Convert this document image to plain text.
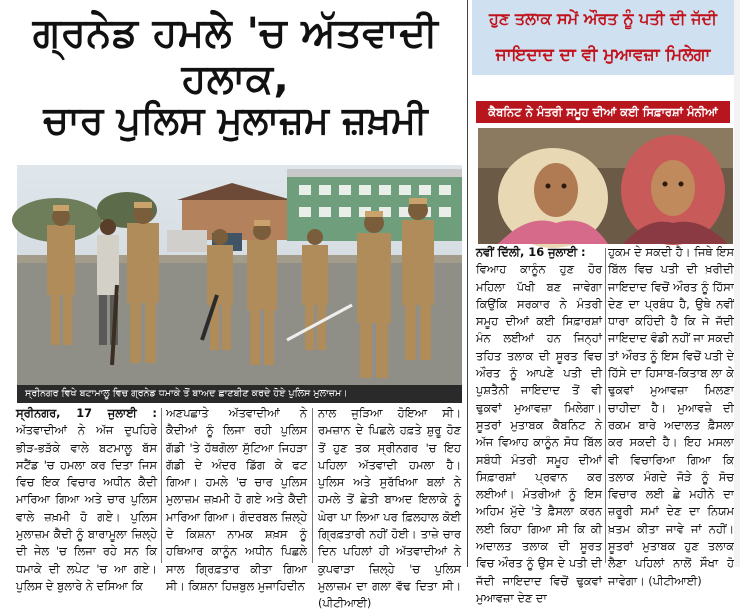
ਗ੍ਰਨੇਡ ਹਮਲੇ 'ਚ ਅੱਤਵਾਦੀ ਹਲਾਕ,
ਚਾਰ ਪੁਲਿਸ ਮੁਲਾਜ਼ਮ ਜ਼ਖ਼ਮੀ
ਸ੍ਰੀਨਗਰ ਵਿਖੇ ਬਟਾਮਾਲੂ ਵਿਚ ਗ੍ਰਨੇਡ ਧਮਾਕੇ ਤੋਂ ਬਾਅਦ ਛਾਣਬੀਣ ਕਰਦੇ ਹੋਏ ਪੁਲਿਸ ਮੁਲਾਜ਼ਮ।
ਸ੍ਰੀਨਗਰ, 17 ਜੁਲਾਈ : ਅੱਤਵਾਦੀਆਂ ਨੇ ਅੱਜ ਦੁਪਹਿਰੇ ਭੀੜ-ਭੜੱਕੇ ਵਾਲੇ ਬਟਮਾਲੂ ਬੱਸ ਸਟੈਂਡ 'ਚ ਹਮਲਾ ਕਰ ਦਿਤਾ ਜਿਸ ਵਿਚ ਇਕ ਵਿਚਾਰ ਅਧੀਨ ਕੈਦੀ ਮਾਰਿਆ ਗਿਆ ਅਤੇ ਚਾਰ ਪੁਲਿਸ ਵਾਲੇ ਜ਼ਖ਼ਮੀ ਹੋ ਗਏ। ਪੁਲਿਸ ਮੁਲਾਜ਼ਮ ਕੈਦੀ ਨੂੰ ਬਾਰਾਮੂਲਾ ਜ਼ਿਲ੍ਹੇ ਦੀ ਜੇਲ 'ਚ ਲਿਜਾ ਰਹੇ ਸਨ ਕਿ ਧਮਾਕੇ ਦੀ ਲਪੇਟ 'ਚ ਆ ਗਏ। ਪੁਲਿਸ ਦੇ ਬੁਲਾਰੇ ਨੇ ਦਸਿਆ ਕਿ
ਅਣਪਛਾਤੇ ਅੱਤਵਾਦੀਆਂ ਨੇ ਕੈਦੀਆਂ ਨੂੰ ਲਿਜਾ ਰਹੀ ਪੁਲਿਸ ਗੱਡੀ 'ਤੇ ਹੱਥਗੋਲਾ ਸੁੱਟਿਆ ਜਿਹੜਾ ਗੱਡੀ ਦੇ ਅੰਦਰ ਡਿੱਗ ਕੇ ਫਟ ਗਿਆ। ਹਮਲੇ 'ਚ ਚਾਰ ਪੁਲਿਸ ਮੁਲਾਜ਼ਮ ਜ਼ਖ਼ਮੀ ਹੋ ਗਏ ਅਤੇ ਕੈਦੀ ਮਾਰਿਆ ਗਿਆ। ਗੰਦਰਬਲ ਜ਼ਿਲ੍ਹੇ ਦੇ ਕਿਸ਼ਨਾ ਨਾਮਕ ਸ਼ਖ਼ਸ ਨੂੰ ਹਥਿਆਰ ਕਾਨੂੰਨ ਅਧੀਨ ਪਿਛਲੇ ਸਾਲ ਗ੍ਰਿਫ਼ਤਾਰ ਕੀਤਾ ਗਿਆ ਸੀ। ਕਿਸ਼ਨਾ ਹਿਜ਼ਬੁਲ ਮੁਜਾਹਿਦੀਨ
ਨਾਲ ਜੁੜਿਆ ਹੋਇਆ ਸੀ। ਰਮਜ਼ਾਨ ਦੇ ਪਿਛਲੇ ਹਫ਼ਤੇ ਸ਼ੁਰੂ ਹੋਣ ਤੋਂ ਹੁਣ ਤਕ ਸ੍ਰੀਨਗਰ 'ਚ ਇਹ ਪਹਿਲਾ ਅੱਤਵਾਦੀ ਹਮਲਾ ਹੈ। ਪੁਲਿਸ ਅਤੇ ਸੁਰੱਖਿਆ ਬਲਾਂ ਨੇ ਹਮਲੇ ਤੋਂ ਛੇਤੀ ਬਾਅਦ ਇਲਾਕੇ ਨੂੰ ਘੇਰਾ ਪਾ ਲਿਆ ਪਰ ਫ਼ਿਲਹਾਲ ਕੋਈ ਗ੍ਰਿਫ਼ਤਾਰੀ ਨਹੀਂ ਹੋਈ। ਤਾਜ਼ੇ ਚਾਰ ਦਿਨ ਪਹਿਲਾਂ ਹੀ ਅੱਤਵਾਦੀਆਂ ਨੇ ਕੁਪਵਾੜਾ ਜ਼ਿਲ੍ਹੇ 'ਚ ਪੁਲਿਸ ਮੁਲਾਜ਼ਮ ਦਾ ਗਲਾ ਵੱਢ ਦਿਤਾ ਸੀ। (ਪੀਟੀਆਈ)
ਹੁਣ ਤਲਾਕ ਸਮੇਂ ਔਰਤ ਨੂੰ ਪਤੀ ਦੀ ਜੱਦੀ
ਜਾਇਦਾਦ ਦਾ ਵੀ ਮੁਆਵਜ਼ਾ ਮਿਲੇਗਾ
ਕੈਬਨਿਟ ਨੇ ਮੰਤਰੀ ਸਮੂਹ ਦੀਆਂ ਕਈ ਸਿਫ਼ਾਰਸ਼ਾਂ ਮੰਨੀਆਂ
ਨਵੀਂ ਦਿੱਲੀ, 16 ਜੁਲਾਈ :
ਵਿਆਹ ਕਾਨੂੰਨ ਹੁਣ ਹੋਰ ਮਹਿਲਾ ਪੱਖੀ ਬਣ ਜਾਵੇਗਾ ਕਿਉਂਕਿ ਸਰਕਾਰ ਨੇ ਮੰਤਰੀ ਸਮੂਹ ਦੀਆਂ ਕਈ ਸਿਫ਼ਾਰਸ਼ਾਂ ਮੰਨ ਲਈਆਂ ਹਨ ਜਿਨ੍ਹਾਂ ਤਹਿਤ ਤਲਾਕ ਦੀ ਸੂਰਤ ਵਿਚ ਔਰਤ ਨੂੰ ਆਪਣੇ ਪਤੀ ਦੀ ਪੁਸ਼ਤੈਨੀ ਜਾਇਦਾਦ ਤੋਂ ਵੀ ਢੁਕਵਾਂ ਮੁਆਵਜ਼ਾ ਮਿਲੇਗਾ। ਸੂਤਰਾਂ ਮੁਤਾਬਕ ਕੈਬਨਿਟ ਨੇ ਅੱਜ ਵਿਆਹ ਕਾਨੂੰਨ ਸੋਧ ਬਿੱਲ ਸਬੰਧੀ ਮੰਤਰੀ ਸਮੂਹ ਦੀਆਂ ਸਿਫ਼ਾਰਸ਼ਾਂ ਪ੍ਰਵਾਨ ਕਰ ਲਈਆਂ। ਮੰਤਰੀਆਂ ਨੂੰ ਇਸ ਅਹਿਮ ਮੁੱਦੇ 'ਤੇ ਫ਼ੈਸਲਾ ਕਰਨ ਲਈ ਕਿਹਾ ਗਿਆ ਸੀ ਕਿ ਕੀ ਅਦਾਲਤ ਤਲਾਕ ਦੀ ਸੂਰਤ ਵਿਚ ਔਰਤ ਨੂੰ ਉਸ ਦੇ ਪਤੀ ਦੀ ਜੱਦੀ ਜਾਇਦਾਦ ਵਿਚੋਂ ਢੁਕਵਾਂ ਮੁਆਵਜ਼ਾ ਦੇਣ ਦਾ
ਹੁਕਮ ਦੇ ਸਕਦੀ ਹੈ। ਜਿਥੇ ਇਸ ਬਿੱਲ ਵਿਚ ਪਤੀ ਦੀ ਖ਼ਰੀਦੀ ਜਾਇਦਾਦ ਵਿਚੋਂ ਔਰਤ ਨੂੰ ਹਿੱਸਾ ਦੇਣ ਦਾ ਪ੍ਰਬੰਧ ਹੈ, ਉਥੇ ਨਵੀਂ ਧਾਰਾ ਕਹਿੰਦੀ ਹੈ ਕਿ ਜੇ ਜੱਦੀ ਜਾਇਦਾਦ ਵੰਡੀ ਨਹੀਂ ਜਾ ਸਕਦੀ ਤਾਂ ਔਰਤ ਨੂੰ ਇਸ ਵਿਚੋਂ ਪਤੀ ਦੇ ਹਿੱਸੇ ਦਾ ਹਿਸਾਬ-ਕਿਤਾਬ ਲਾ ਕੇ ਢੁਕਵਾਂ ਮੁਆਵਜ਼ਾ ਮਿਲਣਾ ਚਾਹੀਦਾ ਹੈ। ਮੁਆਵਜ਼ੇ ਦੀ ਰਕਮ ਬਾਰੇ ਅਦਾਲਤ ਫ਼ੈਸਲਾ ਕਰ ਸਕਦੀ ਹੈ। ਇਹ ਮਸਲਾ ਵੀ ਵਿਚਾਰਿਆ ਗਿਆ ਕਿ ਤਲਾਕ ਮੰਗਦੇ ਜੋੜੇ ਨੂੰ ਸੋਚ ਵਿਚਾਰ ਲਈ ਛੇ ਮਹੀਨੇ ਦਾ ਜ਼ਰੂਰੀ ਸਮਾਂ ਦੇਣ ਦਾ ਨਿਯਮ ਖ਼ਤਮ ਕੀਤਾ ਜਾਵੇ ਜਾਂ ਨਹੀਂ। ਸੂਤਰਾਂ ਮੁਤਾਬਕ ਹੁਣ ਤਲਾਕ ਲੈਣਾ ਪਹਿਲਾਂ ਨਾਲੋਂ ਸੌਖਾ ਹੋ ਜਾਵੇਗਾ। (ਪੀਟੀਆਈ)
